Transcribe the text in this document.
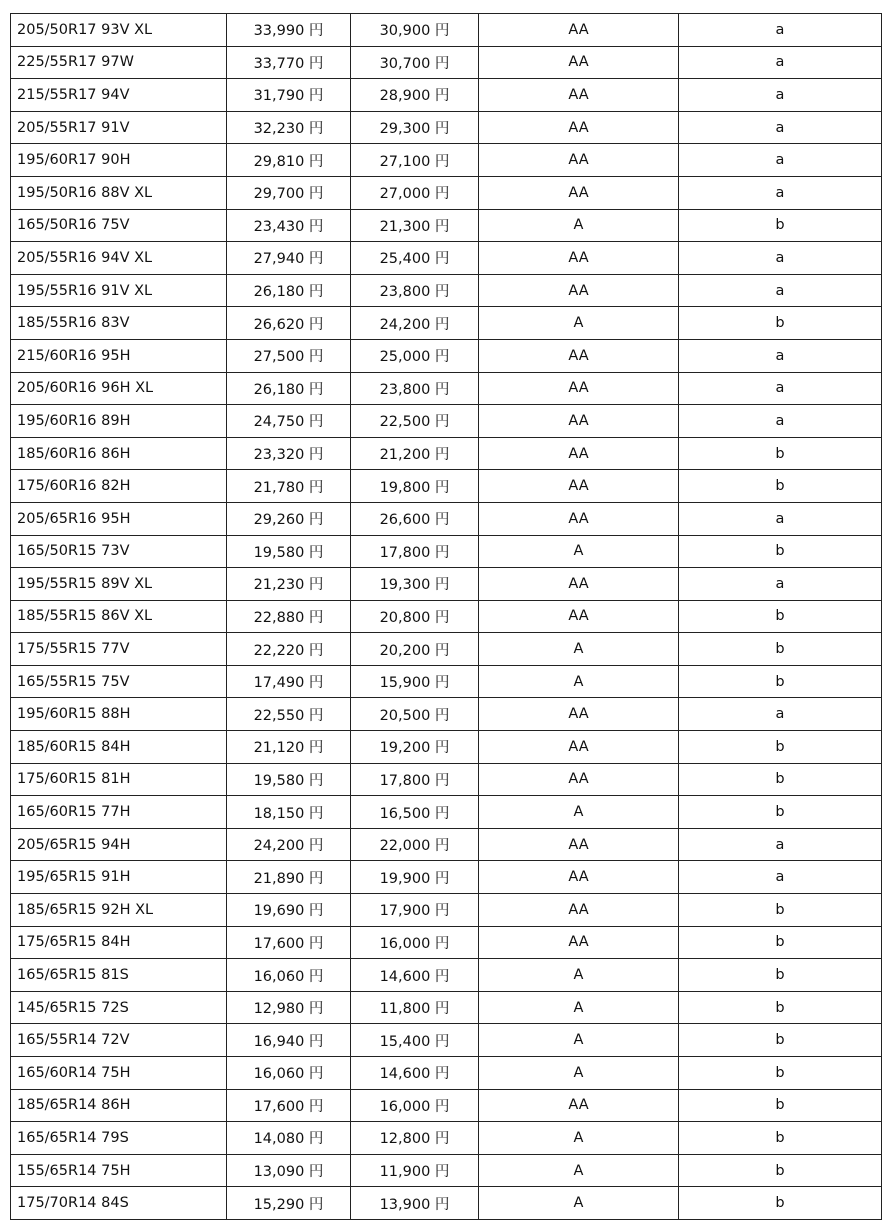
205/50R17 93V XL	33,990 円	30,900 円	AA	a
225/55R17 97W	33,770 円	30,700 円	AA	a
215/55R17 94V	31,790 円	28,900 円	AA	a
205/55R17 91V	32,230 円	29,300 円	AA	a
195/60R17 90H	29,810 円	27,100 円	AA	a
195/50R16 88V XL	29,700 円	27,000 円	AA	a
165/50R16 75V	23,430 円	21,300 円	A	b
205/55R16 94V XL	27,940 円	25,400 円	AA	a
195/55R16 91V XL	26,180 円	23,800 円	AA	a
185/55R16 83V	26,620 円	24,200 円	A	b
215/60R16 95H	27,500 円	25,000 円	AA	a
205/60R16 96H XL	26,180 円	23,800 円	AA	a
195/60R16 89H	24,750 円	22,500 円	AA	a
185/60R16 86H	23,320 円	21,200 円	AA	b
175/60R16 82H	21,780 円	19,800 円	AA	b
205/65R16 95H	29,260 円	26,600 円	AA	a
165/50R15 73V	19,580 円	17,800 円	A	b
195/55R15 89V XL	21,230 円	19,300 円	AA	a
185/55R15 86V XL	22,880 円	20,800 円	AA	b
175/55R15 77V	22,220 円	20,200 円	A	b
165/55R15 75V	17,490 円	15,900 円	A	b
195/60R15 88H	22,550 円	20,500 円	AA	a
185/60R15 84H	21,120 円	19,200 円	AA	b
175/60R15 81H	19,580 円	17,800 円	AA	b
165/60R15 77H	18,150 円	16,500 円	A	b
205/65R15 94H	24,200 円	22,000 円	AA	a
195/65R15 91H	21,890 円	19,900 円	AA	a
185/65R15 92H XL	19,690 円	17,900 円	AA	b
175/65R15 84H	17,600 円	16,000 円	AA	b
165/65R15 81S	16,060 円	14,600 円	A	b
145/65R15 72S	12,980 円	11,800 円	A	b
165/55R14 72V	16,940 円	15,400 円	A	b
165/60R14 75H	16,060 円	14,600 円	A	b
185/65R14 86H	17,600 円	16,000 円	AA	b
165/65R14 79S	14,080 円	12,800 円	A	b
155/65R14 75H	13,090 円	11,900 円	A	b
175/70R14 84S	15,290 円	13,900 円	A	b
